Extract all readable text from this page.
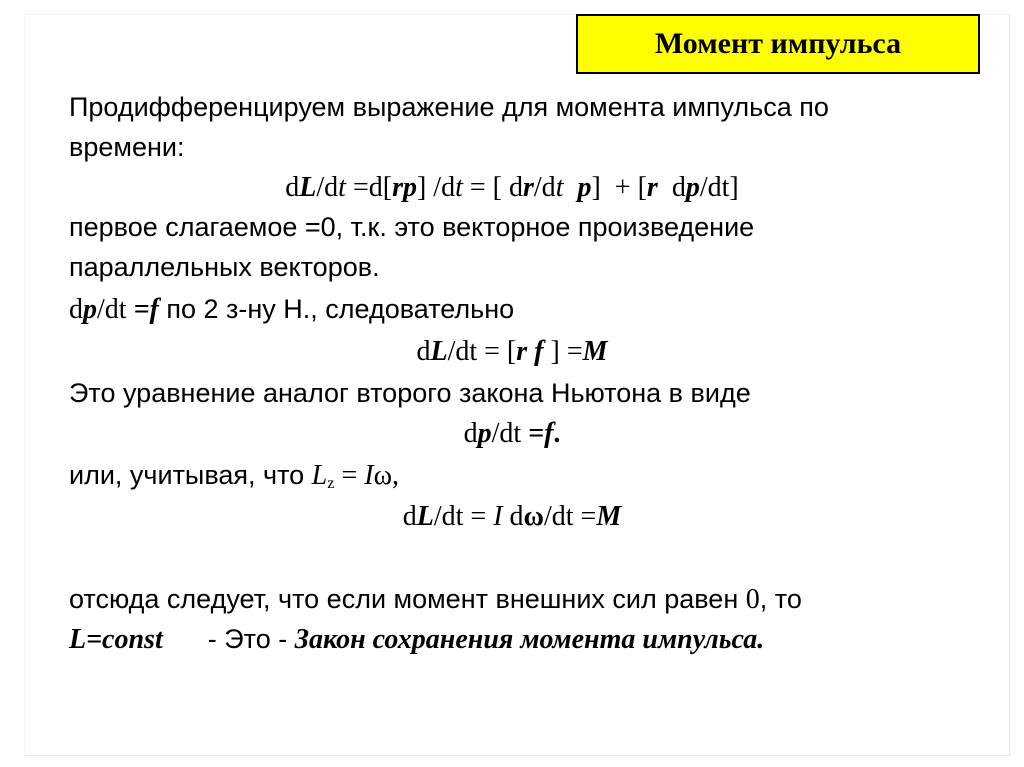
Момент импульса
Продифференцируем выражение для момента импульса по
времени:
dL/dt =d[rp] /dt = [ dr/dt p]  + [r  dp/dt]
первое слагаемое =0, т.к. это векторное произведение
параллельных векторов.
dp/dt =f по 2 з-ну Н., следовательно
dL/dt = [r f ] =M
Это уравнение аналог второго закона Ньютона в виде
dp/dt =f.
или, учитывая, что $L_z = I\omega$,
dL/dt = I dω/dt =M
отсюда следует, что если момент внешних сил равен 0, то
L=const  - Это - Закон сохранения момента импульса.
